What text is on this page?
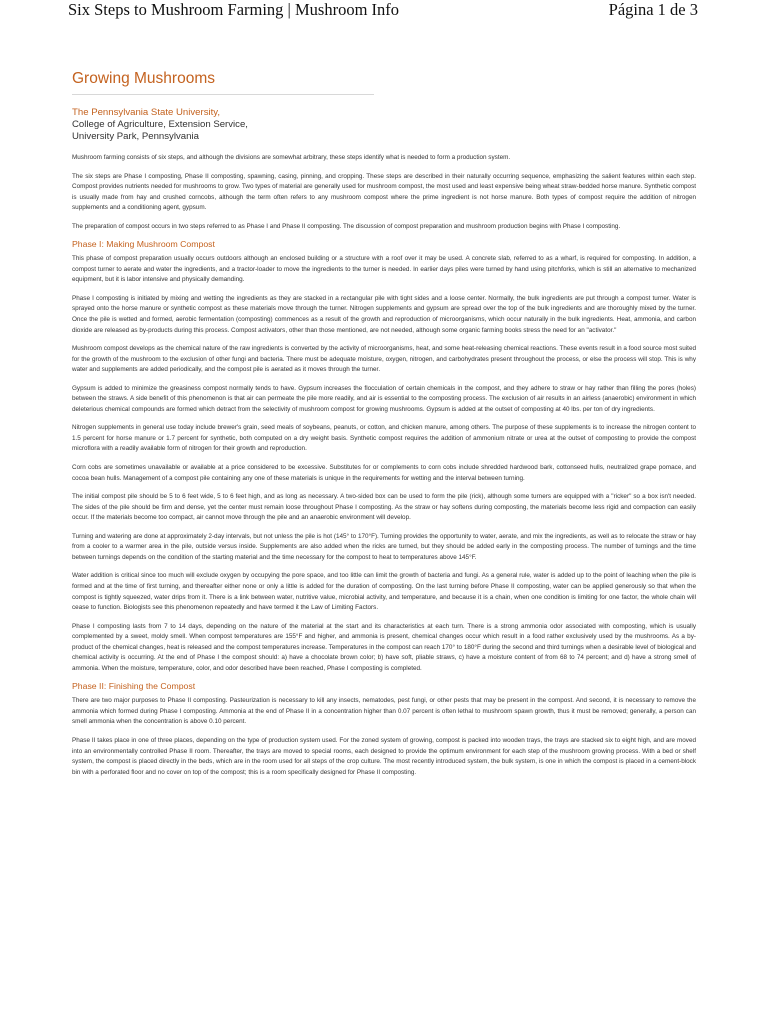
Six Steps to Mushroom Farming | Mushroom Info	Página 1 de 3
Growing Mushrooms
The Pennsylvania State University,
College of Agriculture, Extension Service,
University Park, Pennsylvania

Mushroom farming consists of six steps, and although the divisions are somewhat arbitrary, these steps identify what is needed to form a production system.

The six steps are Phase I composting, Phase II composting, spawning, casing, pinning, and cropping. These steps are described in their naturally occurring sequence, emphasizing the salient features within each step. Compost provides nutrients needed for mushrooms to grow. Two types of material are generally used for mushroom compost, the most used and least expensive being wheat straw-bedded horse manure. Synthetic compost is usually made from hay and crushed corncobs, although the term often refers to any mushroom compost where the prime ingredient is not horse manure. Both types of compost require the addition of nitrogen supplements and a conditioning agent, gypsum.

The preparation of compost occurs in two steps referred to as Phase I and Phase II composting. The discussion of compost preparation and mushroom production begins with Phase I composting.

Phase I: Making Mushroom Compost

This phase of compost preparation usually occurs outdoors although an enclosed building or a structure with a roof over it may be used. A concrete slab, referred to as a wharf, is required for composting. In addition, a compost turner to aerate and water the ingredients, and a tractor-loader to move the ingredients to the turner is needed. In earlier days piles were turned by hand using pitchforks, which is still an alternative to mechanized equipment, but it is labor intensive and physically demanding.

Phase I composting is initiated by mixing and wetting the ingredients as they are stacked in a rectangular pile with tight sides and a loose center. Normally, the bulk ingredients are put through a compost turner. Water is sprayed onto the horse manure or synthetic compost as these materials move through the turner. Nitrogen supplements and gypsum are spread over the top of the bulk ingredients and are thoroughly mixed by the turner. Once the pile is wetted and formed, aerobic fermentation (composting) commences as a result of the growth and reproduction of microorganisms, which occur naturally in the bulk ingredients. Heat, ammonia, and carbon dioxide are released as by-products during this process. Compost activators, other than those mentioned, are not needed, although some organic farming books stress the need for an "activator."

Mushroom compost develops as the chemical nature of the raw ingredients is converted by the activity of microorganisms, heat, and some heat-releasing chemical reactions. These events result in a food source most suited for the growth of the mushroom to the exclusion of other fungi and bacteria. There must be adequate moisture, oxygen, nitrogen, and carbohydrates present throughout the process, or else the process will stop. This is why water and supplements are added periodically, and the compost pile is aerated as it moves through the turner.

Gypsum is added to minimize the greasiness compost normally tends to have. Gypsum increases the flocculation of certain chemicals in the compost, and they adhere to straw or hay rather than filling the pores (holes) between the straws. A side benefit of this phenomenon is that air can permeate the pile more readily, and air is essential to the composting process. The exclusion of air results in an airless (anaerobic) environment in which deleterious chemical compounds are formed which detract from the selectivity of mushroom compost for growing mushrooms. Gypsum is added at the outset of composting at 40 lbs. per ton of dry ingredients.

Nitrogen supplements in general use today include brewer's grain, seed meals of soybeans, peanuts, or cotton, and chicken manure, among others. The purpose of these supplements is to increase the nitrogen content to 1.5 percent for horse manure or 1.7 percent for synthetic, both computed on a dry weight basis. Synthetic compost requires the addition of ammonium nitrate or urea at the outset of composting to provide the compost microflora with a readily available form of nitrogen for their growth and reproduction.

Corn cobs are sometimes unavailable or available at a price considered to be excessive. Substitutes for or complements to corn cobs include shredded hardwood bark, cottonseed hulls, neutralized grape pomace, and cocoa bean hulls. Management of a compost pile containing any one of these materials is unique in the requirements for wetting and the interval between turning.

The initial compost pile should be 5 to 6 feet wide, 5 to 6 feet high, and as long as necessary. A two-sided box can be used to form the pile (rick), although some turners are equipped with a "ricker" so a box isn't needed. The sides of the pile should be firm and dense, yet the center must remain loose throughout Phase I composting. As the straw or hay softens during composting, the materials become less rigid and compaction can easily occur. If the materials become too compact, air cannot move through the pile and an anaerobic environment will develop.

Turning and watering are done at approximately 2-day intervals, but not unless the pile is hot (145° to 170°F). Turning provides the opportunity to water, aerate, and mix the ingredients, as well as to relocate the straw or hay from a cooler to a warmer area in the pile, outside versus inside. Supplements are also added when the ricks are turned, but they should be added early in the composting process. The number of turnings and the time between turnings depends on the condition of the starting material and the time necessary for the compost to heat to temperatures above 145°F.

Water addition is critical since too much will exclude oxygen by occupying the pore space, and too little can limit the growth of bacteria and fungi. As a general rule, water is added up to the point of leaching when the pile is formed and at the time of first turning, and thereafter either none or only a little is added for the duration of composting. On the last turning before Phase II composting, water can be applied generously so that when the compost is tightly squeezed, water drips from it. There is a link between water, nutritive value, microbial activity, and temperature, and because it is a chain, when one condition is limiting for one factor, the whole chain will cease to function. Biologists see this phenomenon repeatedly and have termed it the Law of Limiting Factors.

Phase I composting lasts from 7 to 14 days, depending on the nature of the material at the start and its characteristics at each turn. There is a strong ammonia odor associated with composting, which is usually complemented by a sweet, moldy smell. When compost temperatures are 155°F and higher, and ammonia is present, chemical changes occur which result in a food rather exclusively used by the mushrooms. As a by-product of the chemical changes, heat is released and the compost temperatures increase. Temperatures in the compost can reach 170° to 180°F during the second and third turnings when a desirable level of biological and chemical activity is occurring. At the end of Phase I the compost should: a) have a chocolate brown color; b) have soft, pliable straws, c) have a moisture content of from 68 to 74 percent; and d) have a strong smell of ammonia. When the moisture, temperature, color, and odor described have been reached, Phase I composting is completed.

Phase II: Finishing the Compost

There are two major purposes to Phase II composting. Pasteurization is necessary to kill any insects, nematodes, pest fungi, or other pests that may be present in the compost. And second, it is necessary to remove the ammonia which formed during Phase I composting. Ammonia at the end of Phase II in a concentration higher than 0.07 percent is often lethal to mushroom spawn growth, thus it must be removed; generally, a person can smell ammonia when the concentration is above 0.10 percent.

Phase II takes place in one of three places, depending on the type of production system used. For the zoned system of growing, compost is packed into wooden trays, the trays are stacked six to eight high, and are moved into an environmentally controlled Phase II room. Thereafter, the trays are moved to special rooms, each designed to provide the optimum environment for each step of the mushroom growing process. With a bed or shelf system, the compost is placed directly in the beds, which are in the room used for all steps of the crop culture. The most recently introduced system, the bulk system, is one in which the compost is placed in a cement-block bin with a perforated floor and no cover on top of the compost; this is a room specifically designed for Phase II composting.
